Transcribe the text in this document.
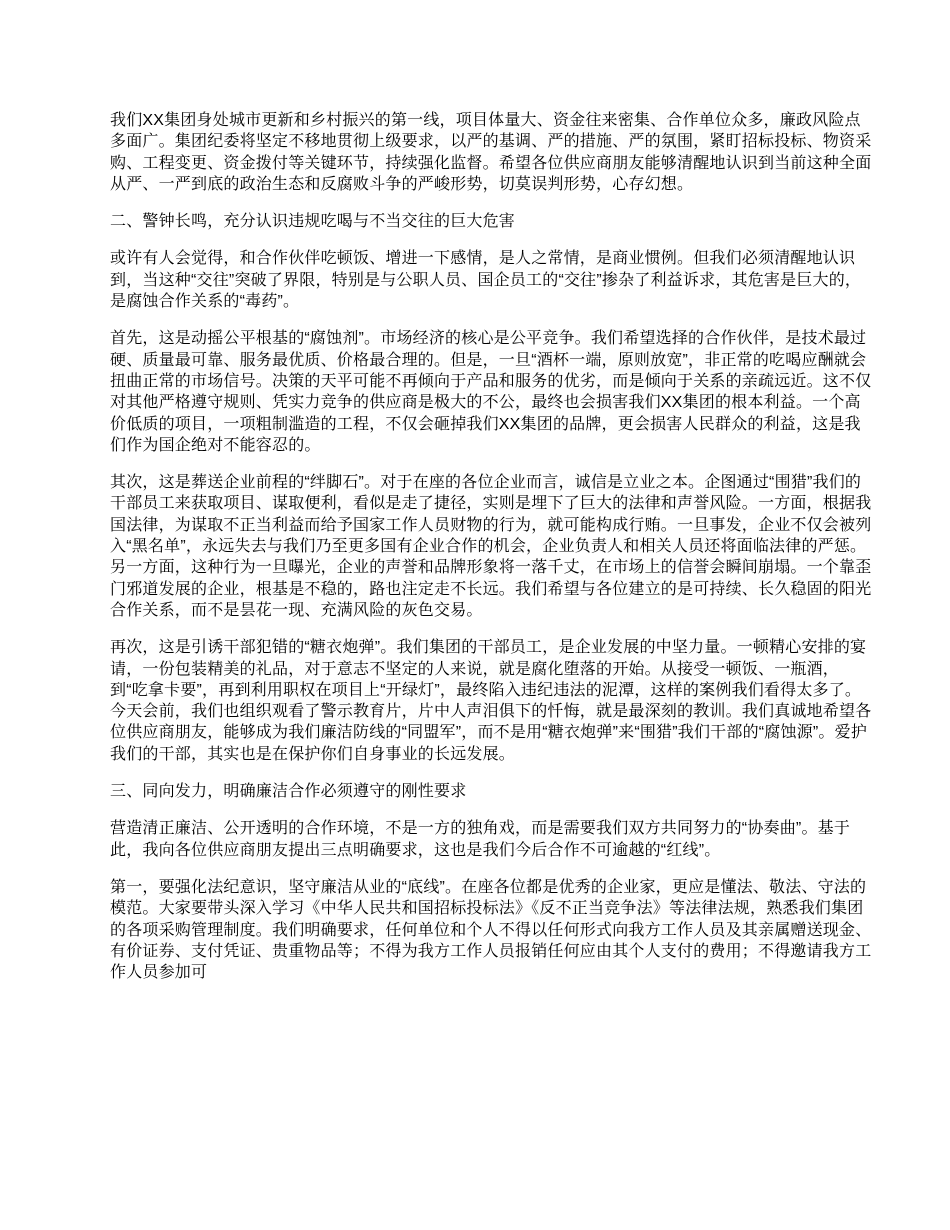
我们XX集团身处城市更新和乡村振兴的第一线，项目体量大、资金往来密集、合作单位众多，廉政风险点多面广。集团纪委将坚定不移地贯彻上级要求，以严的基调、严的措施、严的氛围，紧盯招标投标、物资采购、工程变更、资金拨付等关键环节，持续强化监督。希望各位供应商朋友能够清醒地认识到当前这种全面从严、一严到底的政治生态和反腐败斗争的严峻形势，切莫误判形势，心存幻想。

二、警钟长鸣，充分认识违规吃喝与不当交往的巨大危害

或许有人会觉得，和合作伙伴吃顿饭、增进一下感情，是人之常情，是商业惯例。但我们必须清醒地认识到，当这种“交往”突破了界限，特别是与公职人员、国企员工的“交往”掺杂了利益诉求，其危害是巨大的，是腐蚀合作关系的“毒药”。

首先，这是动摇公平根基的“腐蚀剂”。市场经济的核心是公平竞争。我们希望选择的合作伙伴，是技术最过硬、质量最可靠、服务最优质、价格最合理的。但是，一旦“酒杯一端，原则放宽”，非正常的吃喝应酬就会扭曲正常的市场信号。决策的天平可能不再倾向于产品和服务的优劣，而是倾向于关系的亲疏远近。这不仅对其他严格遵守规则、凭实力竞争的供应商是极大的不公，最终也会损害我们XX集团的根本利益。一个高价低质的项目，一项粗制滥造的工程，不仅会砸掉我们XX集团的品牌，更会损害人民群众的利益，这是我们作为国企绝对不能容忍的。

其次，这是葬送企业前程的“绊脚石”。对于在座的各位企业而言，诚信是立业之本。企图通过“围猎”我们的干部员工来获取项目、谋取便利，看似是走了捷径，实则是埋下了巨大的法律和声誉风险。一方面，根据我国法律，为谋取不正当利益而给予国家工作人员财物的行为，就可能构成行贿。一旦事发，企业不仅会被列入“黑名单”，永远失去与我们乃至更多国有企业合作的机会，企业负责人和相关人员还将面临法律的严惩。另一方面，这种行为一旦曝光，企业的声誉和品牌形象将一落千丈，在市场上的信誉会瞬间崩塌。一个靠歪门邪道发展的企业，根基是不稳的，路也注定走不长远。我们希望与各位建立的是可持续、长久稳固的阳光合作关系，而不是昙花一现、充满风险的灰色交易。

再次，这是引诱干部犯错的“糖衣炮弹”。我们集团的干部员工，是企业发展的中坚力量。一顿精心安排的宴请，一份包装精美的礼品，对于意志不坚定的人来说，就是腐化堕落的开始。从接受一顿饭、一瓶酒，到“吃拿卡要”，再到利用职权在项目上“开绿灯”，最终陷入违纪违法的泥潭，这样的案例我们看得太多了。今天会前，我们也组织观看了警示教育片，片中人声泪俱下的忏悔，就是最深刻的教训。我们真诚地希望各位供应商朋友，能够成为我们廉洁防线的“同盟军”，而不是用“糖衣炮弹”来“围猎”我们干部的“腐蚀源”。爱护我们的干部，其实也是在保护你们自身事业的长远发展。

三、同向发力，明确廉洁合作必须遵守的刚性要求

营造清正廉洁、公开透明的合作环境，不是一方的独角戏，而是需要我们双方共同努力的“协奏曲”。基于此，我向各位供应商朋友提出三点明确要求，这也是我们今后合作不可逾越的“红线”。

第一，要强化法纪意识，坚守廉洁从业的“底线”。在座各位都是优秀的企业家，更应是懂法、敬法、守法的模范。大家要带头深入学习《中华人民共和国招标投标法》《反不正当竞争法》等法律法规，熟悉我们集团的各项采购管理制度。我们明确要求，任何单位和个人不得以任何形式向我方工作人员及其亲属赠送现金、有价证券、支付凭证、贵重物品等；不得为我方工作人员报销任何应由其个人支付的费用；不得邀请我方工作人员参加可
